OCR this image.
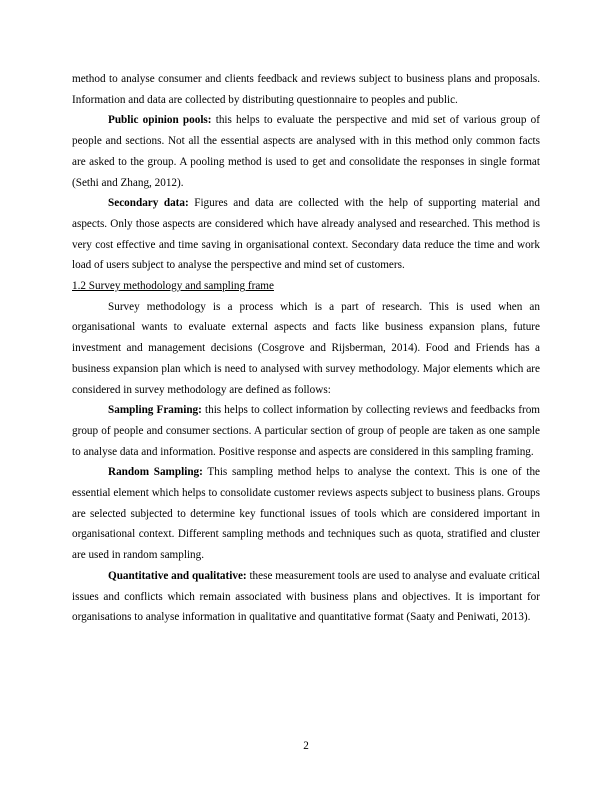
method to analyse consumer and clients feedback and reviews subject to business plans and proposals. Information and data are collected by distributing questionnaire to peoples and public.

Public opinion pools: this helps to evaluate the perspective and mid set of various group of people and sections. Not all the essential aspects are analysed with in this method only common facts are asked to the group. A pooling method is used to get and consolidate the responses in single format (Sethi and Zhang, 2012).

Secondary data: Figures and data are collected with the help of supporting material and aspects. Only those aspects are considered which have already analysed and researched. This method is very cost effective and time saving in organisational context. Secondary data reduce the time and work load of users subject to analyse the perspective and mind set of customers.

1.2 Survey methodology and sampling frame

Survey methodology is a process which is a part of research. This is used when an organisational wants to evaluate external aspects and facts like business expansion plans, future investment and management decisions (Cosgrove and Rijsberman, 2014). Food and Friends has a business expansion plan which is need to analysed with survey methodology. Major elements which are considered in survey methodology are defined as follows:

Sampling Framing: this helps to collect information by collecting reviews and feedbacks from group of people and consumer sections. A particular section of group of people are taken as one sample to analyse data and information. Positive response and aspects are considered in this sampling framing.

Random Sampling: This sampling method helps to analyse the context. This is one of the essential element which helps to consolidate customer reviews aspects subject to business plans. Groups are selected subjected to determine key functional issues of tools which are considered important in organisational context. Different sampling methods and techniques such as quota, stratified and cluster are used in random sampling.

Quantitative and qualitative: these measurement tools are used to analyse and evaluate critical issues and conflicts which remain associated with business plans and objectives. It is important for organisations to analyse information in qualitative and quantitative format (Saaty and Peniwati, 2013).

2
